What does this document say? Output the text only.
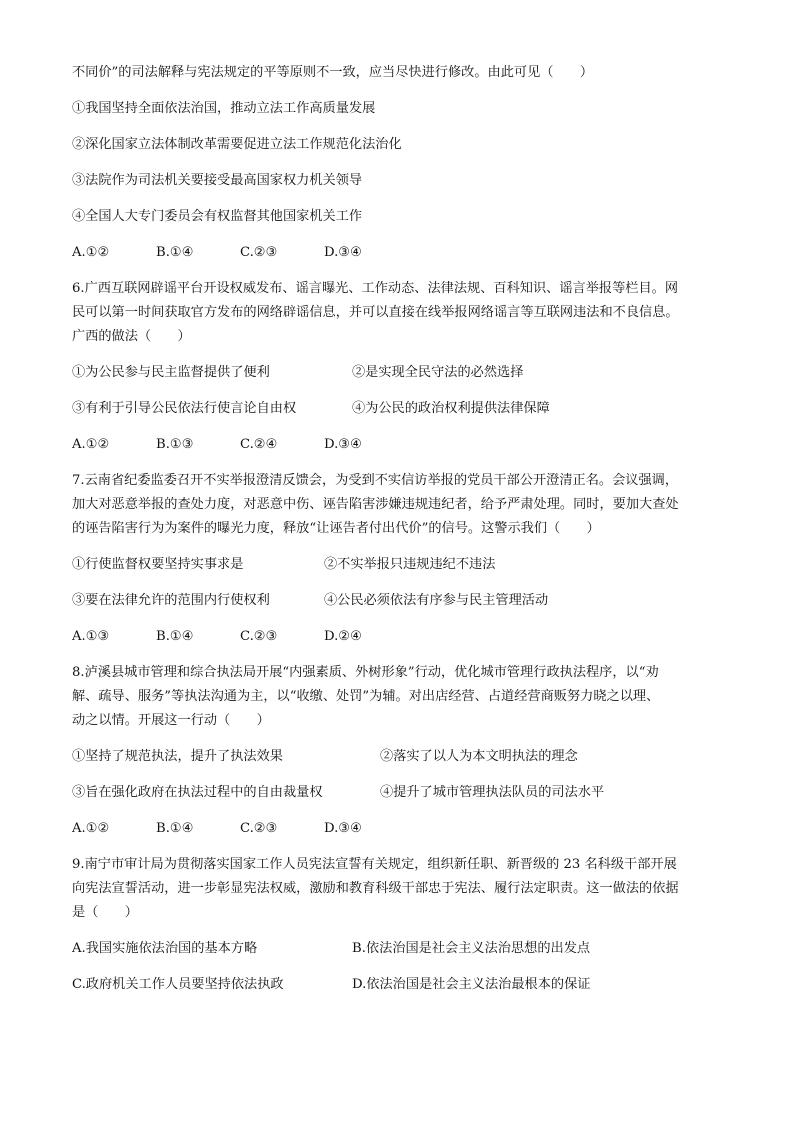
不同价”的司法解释与宪法规定的平等原则不一致，应当尽快进行修改。由此可见（　　）

①我国坚持全面依法治国，推动立法工作高质量发展

②深化国家立法体制改革需要促进立法工作规范化法治化

③法院作为司法机关要接受最高国家权力机关领导

④全国人大专门委员会有权监督其他国家机关工作

A.①②	B.①④	C.②③	D.③④

6.广西互联网辟谣平台开设权威发布、谣言曝光、工作动态、法律法规、百科知识、谣言举报等栏目。网

民可以第一时间获取官方发布的网络辟谣信息，并可以直接在线举报网络谣言等互联网违法和不良信息。

广西的做法（　　）

①为公民参与民主监督提供了便利	②是实现全民守法的必然选择

③有利于引导公民依法行使言论自由权	④为公民的政治权利提供法律保障

A.①②	B.①③	C.②④	D.③④

7.云南省纪委监委召开不实举报澄清反馈会，为受到不实信访举报的党员干部公开澄清正名。会议强调，

加大对恶意举报的查处力度，对恶意中伤、诬告陷害涉嫌违规违纪者，给予严肃处理。同时，要加大查处

的诬告陷害行为为案件的曝光力度，释放“让诬告者付出代价”的信号。这警示我们（　　）

①行使监督权要坚持实事求是	②不实举报只违规违纪不违法

③要在法律允许的范围内行使权利	④公民必须依法有序参与民主管理活动

A.①③	B.①④	C.②③	D.②④

8.泸溪县城市管理和综合执法局开展“内强素质、外树形象”行动，优化城市管理行政执法程序，以“劝

解、疏导、服务”等执法沟通为主，以“收缴、处罚”为辅。对出店经营、占道经营商贩努力晓之以理、

动之以情。开展这一行动（　　）

①坚持了规范执法，提升了执法效果	②落实了以人为本文明执法的理念

③旨在强化政府在执法过程中的自由裁量权	④提升了城市管理执法队员的司法水平

A.①②	B.①④	C.②③	D.③④

9.南宁市审计局为贯彻落实国家工作人员宪法宣誓有关规定，组织新任职、新晋级的 23 名科级干部开展

向宪法宣誓活动，进一步彰显宪法权威，激励和教育科级干部忠于宪法、履行法定职责。这一做法的依据

是（　　）

A.我国实施依法治国的基本方略	B.依法治国是社会主义法治思想的出发点

C.政府机关工作人员要坚持依法执政	D.依法治国是社会主义法治最根本的保证
